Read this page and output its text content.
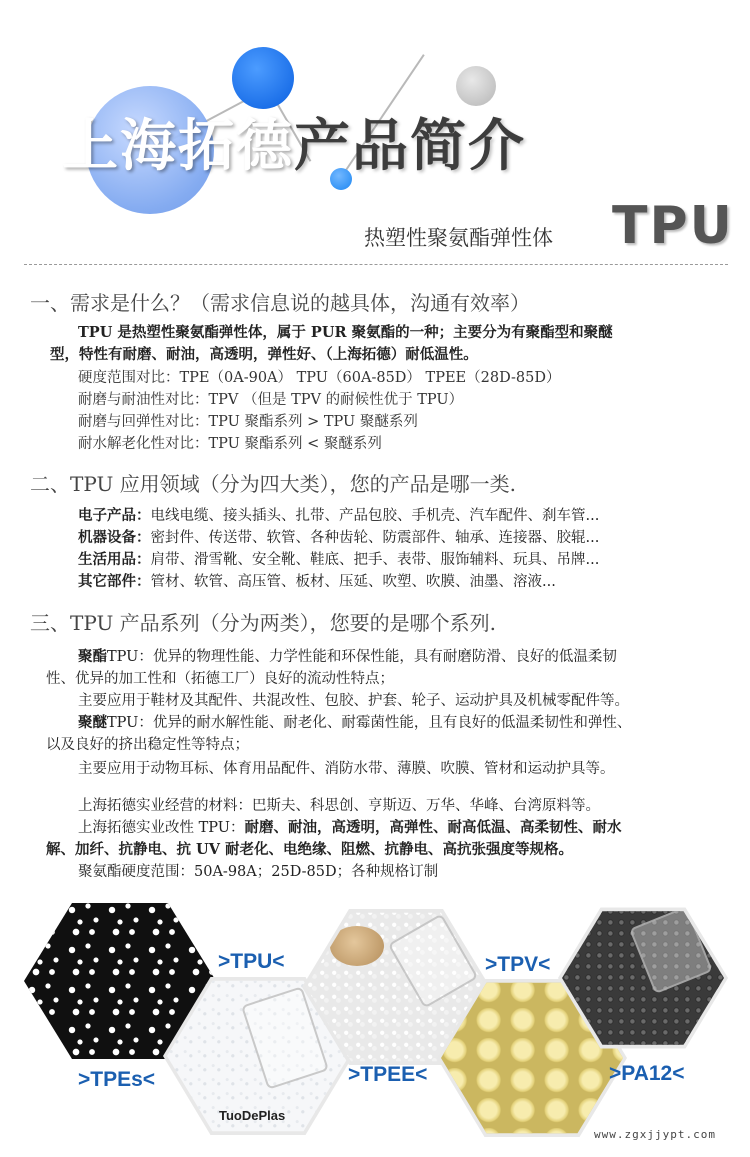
上海拓德产品简介
热塑性聚氨酯弹性体 TPU
一、需求是什么？（需求信息说的越具体，沟通有效率）
TPU 是热塑性聚氨酯弹性体，属于 PUR 聚氨酯的一种；主要分为有聚酯型和聚醚
型，特性有耐磨、耐油，高透明，弹性好、（上海拓德）耐低温性。
硬度范围对比：TPE（0A-90A） TPU（60A-85D） TPEE（28D-85D）
耐磨与耐油性对比：TPV （但是 TPV 的耐候性优于 TPU）
耐磨与回弹性对比：TPU 聚酯系列 > TPU 聚醚系列
耐水解老化性对比：TPU 聚酯系列 < 聚醚系列
二、TPU 应用领域（分为四大类），您的产品是哪一类.
电子产品：电线电缆、接头插头、扎带、产品包胶、手机壳、汽车配件、刹车管...
机器设备：密封件、传送带、软管、各种齿轮、防震部件、轴承、连接器、胶辊...
生活用品：肩带、滑雪靴、安全靴、鞋底、把手、表带、服饰辅料、玩具、吊牌...
其它部件：管材、软管、高压管、板材、压延、吹塑、吹膜、油墨、溶液...
三、TPU 产品系列（分为两类），您要的是哪个系列.
聚酯TPU：优异的物理性能、力学性能和环保性能，具有耐磨防滑、良好的低温柔韧
性、优异的加工性和（拓德工厂）良好的流动性特点；
主要应用于鞋材及其配件、共混改性、包胶、护套、轮子、运动护具及机械零配件等。
聚醚TPU：优异的耐水解性能、耐老化、耐霉菌性能，且有良好的低温柔韧性和弹性、
以及良好的挤出稳定性等特点；
主要应用于动物耳标、体育用品配件、消防水带、薄膜、吹膜、管材和运动护具等。
上海拓德实业经营的材料：巴斯夫、科思创、亨斯迈、万华、华峰、台湾原料等。
上海拓德实业改性 TPU：耐磨、耐油，高透明，高弹性、耐高低温、高柔韧性、耐水
解、加纤、抗静电、抗 UV 耐老化、电绝缘、阻燃、抗静电、高抗张强度等规格。
聚氨酯硬度范围：50A-98A；25D-85D；各种规格订制
>TPU<	>TPV<
>TPEs<	>TPEE<	>PA12<
TuoDePlas
www.zgxjjypt.com
